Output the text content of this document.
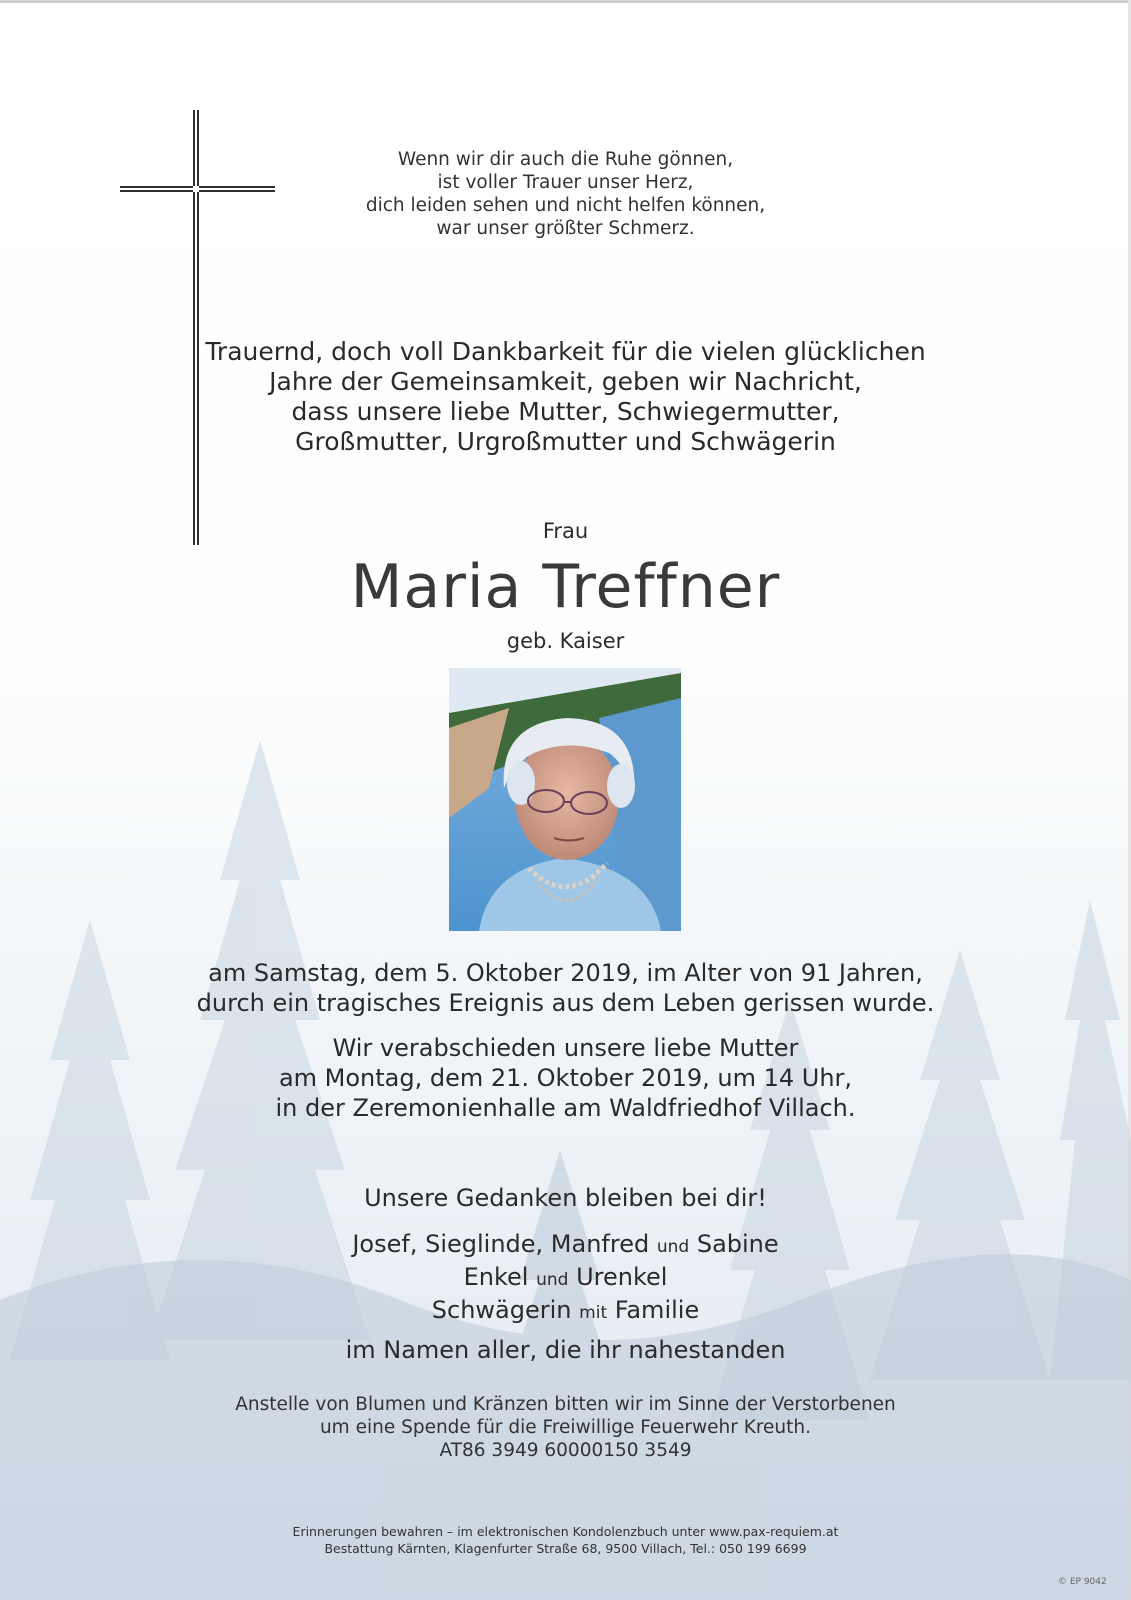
Wenn wir dir auch die Ruhe gönnen,
ist voller Trauer unser Herz,
dich leiden sehen und nicht helfen können,
war unser größter Schmerz.
Trauernd, doch voll Dankbarkeit für die vielen glücklichen
Jahre der Gemeinsamkeit, geben wir Nachricht,
dass unsere liebe Mutter, Schwiegermutter,
Großmutter, Urgroßmutter und Schwägerin
Frau
Maria Treffner
geb. Kaiser
am Samstag, dem 5. Oktober 2019, im Alter von 91 Jahren,
durch ein tragisches Ereignis aus dem Leben gerissen wurde.
Wir verabschieden unsere liebe Mutter
am Montag, dem 21. Oktober 2019, um 14 Uhr,
in der Zeremonienhalle am Waldfriedhof Villach.
Unsere Gedanken bleiben bei dir!
Josef, Sieglinde, Manfred und Sabine
Enkel und Urenkel
Schwägerin mit Familie
im Namen aller, die ihr nahestanden
Anstelle von Blumen und Kränzen bitten wir im Sinne der Verstorbenen
um eine Spende für die Freiwillige Feuerwehr Kreuth.
AT86 3949 60000150 3549
Erinnerungen bewahren – im elektronischen Kondolenzbuch unter www.pax-requiem.at
Bestattung Kärnten, Klagenfurter Straße 68, 9500 Villach, Tel.: 050 199 6699
© EP 9042
